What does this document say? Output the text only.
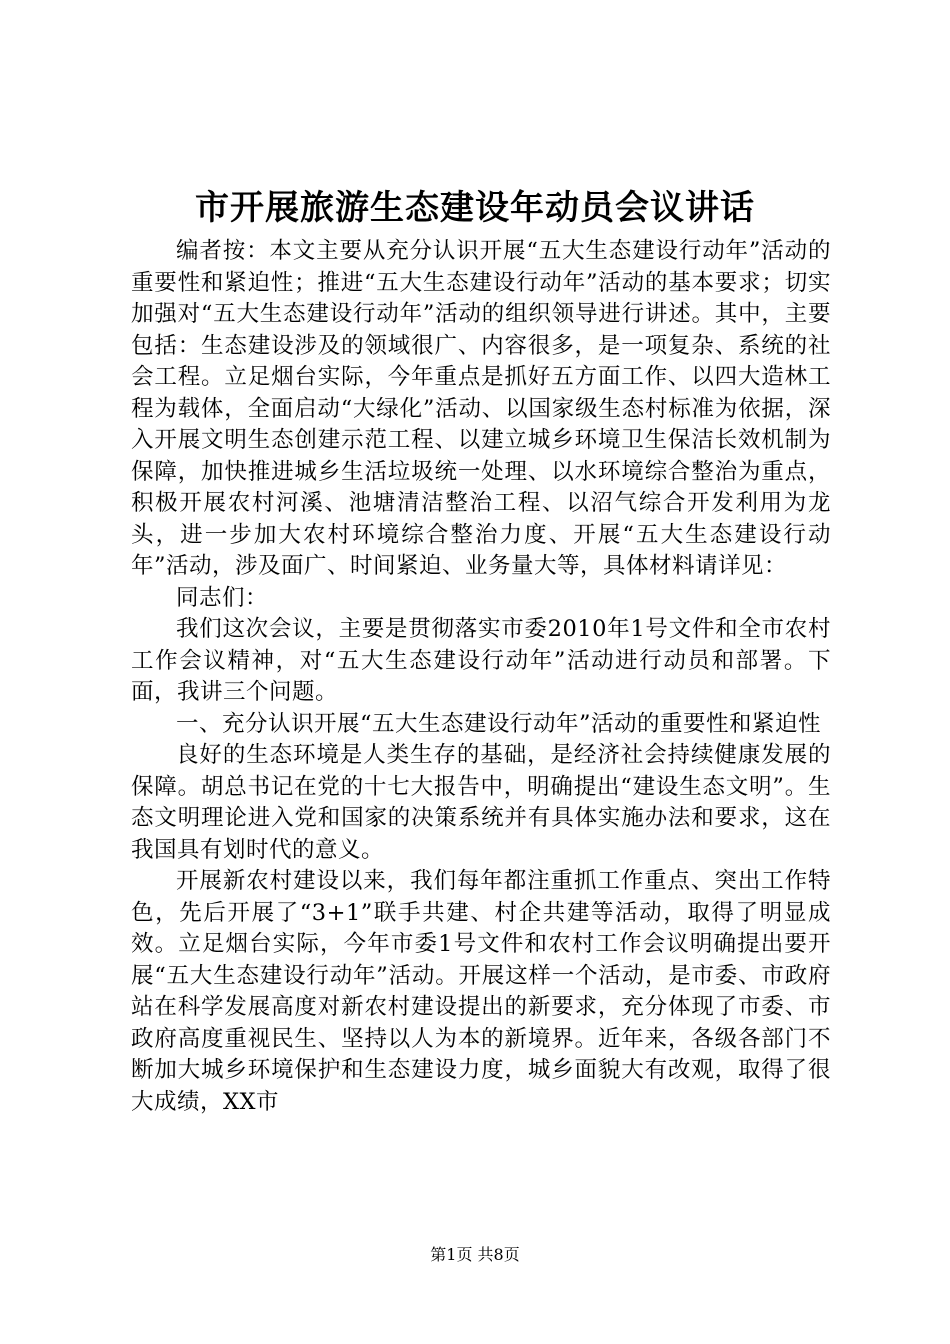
市开展旅游生态建设年动员会议讲话

编者按：本文主要从充分认识开展“五大生态建设行动年”活动的重要性和紧迫性；推进“五大生态建设行动年”活动的基本要求；切实加强对“五大生态建设行动年”活动的组织领导进行讲述。其中，主要包括：生态建设涉及的领域很广、内容很多，是一项复杂、系统的社会工程。立足烟台实际，今年重点是抓好五方面工作、以四大造林工程为载体，全面启动“大绿化”活动、以国家级生态村标准为依据，深入开展文明生态创建示范工程、以建立城乡环境卫生保洁长效机制为保障，加快推进城乡生活垃圾统一处理、以水环境综合整治为重点，积极开展农村河溪、池塘清洁整治工程、以沼气综合开发利用为龙头，进一步加大农村环境综合整治力度、开展“五大生态建设行动年”活动，涉及面广、时间紧迫、业务量大等，具体材料请详见：

同志们：

我们这次会议，主要是贯彻落实市委2010年1号文件和全市农村工作会议精神，对“五大生态建设行动年”活动进行动员和部署。下面，我讲三个问题。

一、充分认识开展“五大生态建设行动年”活动的重要性和紧迫性

良好的生态环境是人类生存的基础，是经济社会持续健康发展的保障。胡总书记在党的十七大报告中，明确提出“建设生态文明”。生态文明理论进入党和国家的决策系统并有具体实施办法和要求，这在我国具有划时代的意义。

开展新农村建设以来，我们每年都注重抓工作重点、突出工作特色，先后开展了“3+1”联手共建、村企共建等活动，取得了明显成效。立足烟台实际，今年市委1号文件和农村工作会议明确提出要开展“五大生态建设行动年”活动。开展这样一个活动，是市委、市政府站在科学发展高度对新农村建设提出的新要求，充分体现了市委、市政府高度重视民生、坚持以人为本的新境界。近年来，各级各部门不断加大城乡环境保护和生态建设力度，城乡面貌大有改观，取得了很大成绩，XX市

第1页 共8页
